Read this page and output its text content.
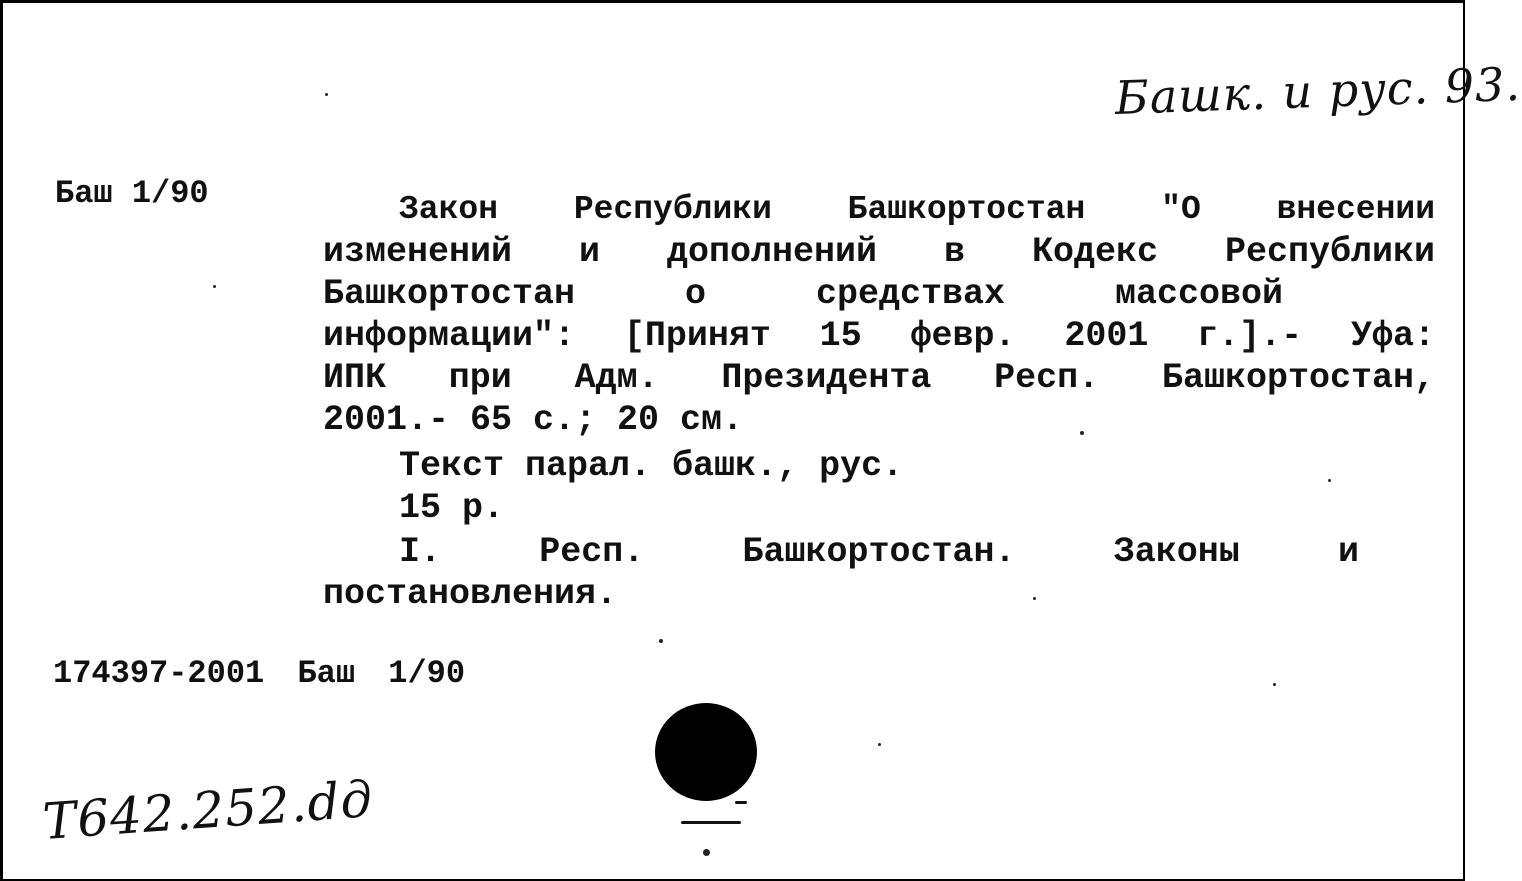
Башк. и рус. 93.
Баш 1/90	Закон Республики Башкортостан "О внесении
изменений и дополнений в Кодекс Республики
Башкортостан о средствах массовой
информации": [Принят 15 февр. 2001 г.].- Уфа:
ИПК при Адм. Президента Респ. Башкортостан,
2001.- 65 с.; 20 см.
Текст парал. башк., рус.
15 р.
I. Респ. Башкортостан. Законы и
постановления.
174397-2001 Баш 1/90
Т642.252.dд
